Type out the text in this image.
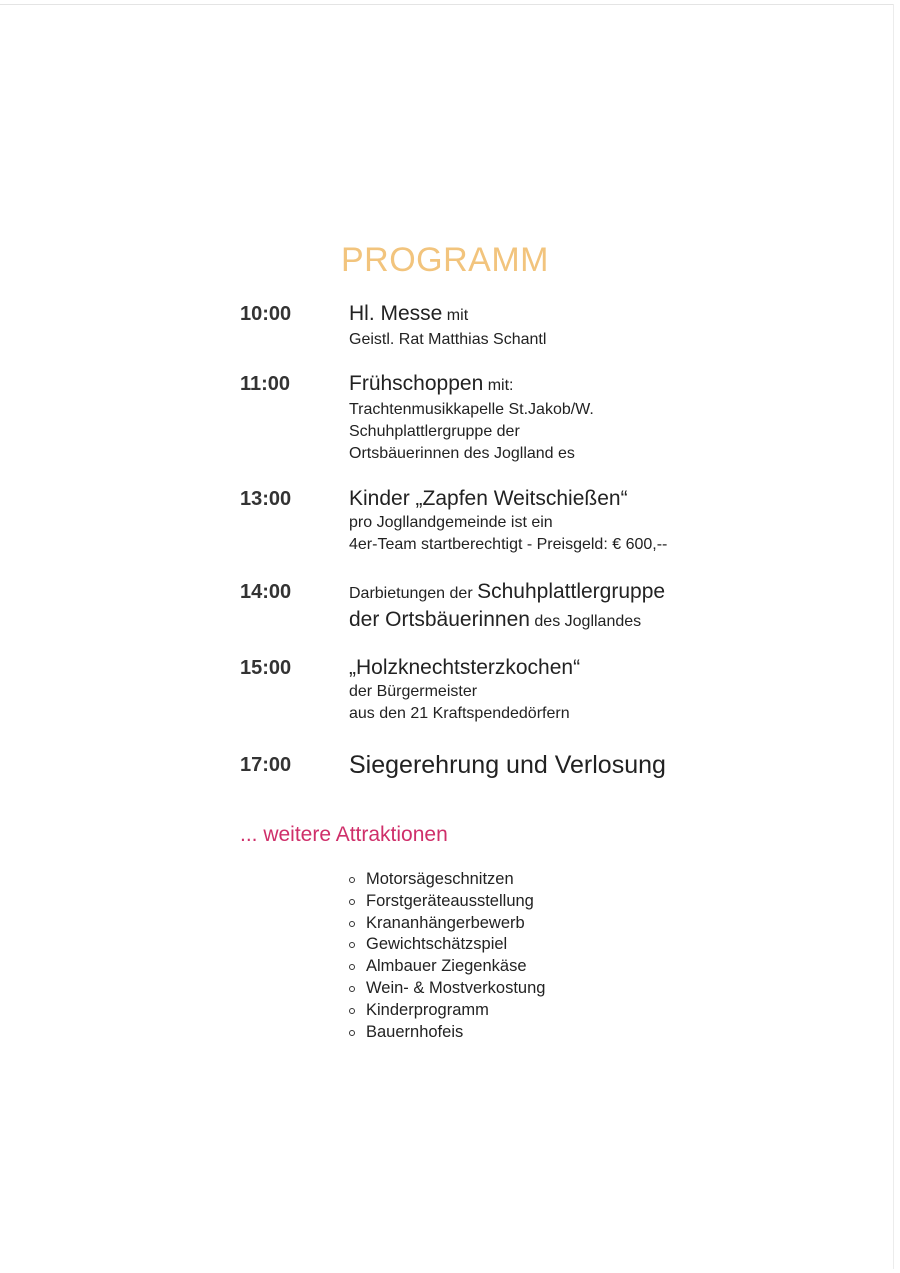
PROGRAMM
10:00	Hl. Messe mit
Geistl. Rat Matthias Schantl
11:00	Frühschoppen mit:
Trachtenmusikkapelle St.Jakob/W.
Schuhplattlergruppe der
Ortsbäuerinnen des Joglland es
13:00	Kinder „Zapfen Weitschießen“
pro Jogllandgemeinde ist ein
4er-Team startberechtigt - Preisgeld: € 600,--
14:00	Darbietungen der Schuhplattlergruppe
der Ortsbäuerinnen des Jogllandes
15:00	„Holzknechtsterzkochen“
der Bürgermeister
aus den 21 Kraftspendedörfern
17:00 Siegerehrung und Verlosung
... weitere Attraktionen
Motorsägeschnitzen
Forstgeräteausstellung
Krananhängerbewerb
Gewichtschätzspiel
Almbauer Ziegenkäse
Wein- & Mostverkostung
Kinderprogramm
Bauernhofeis
